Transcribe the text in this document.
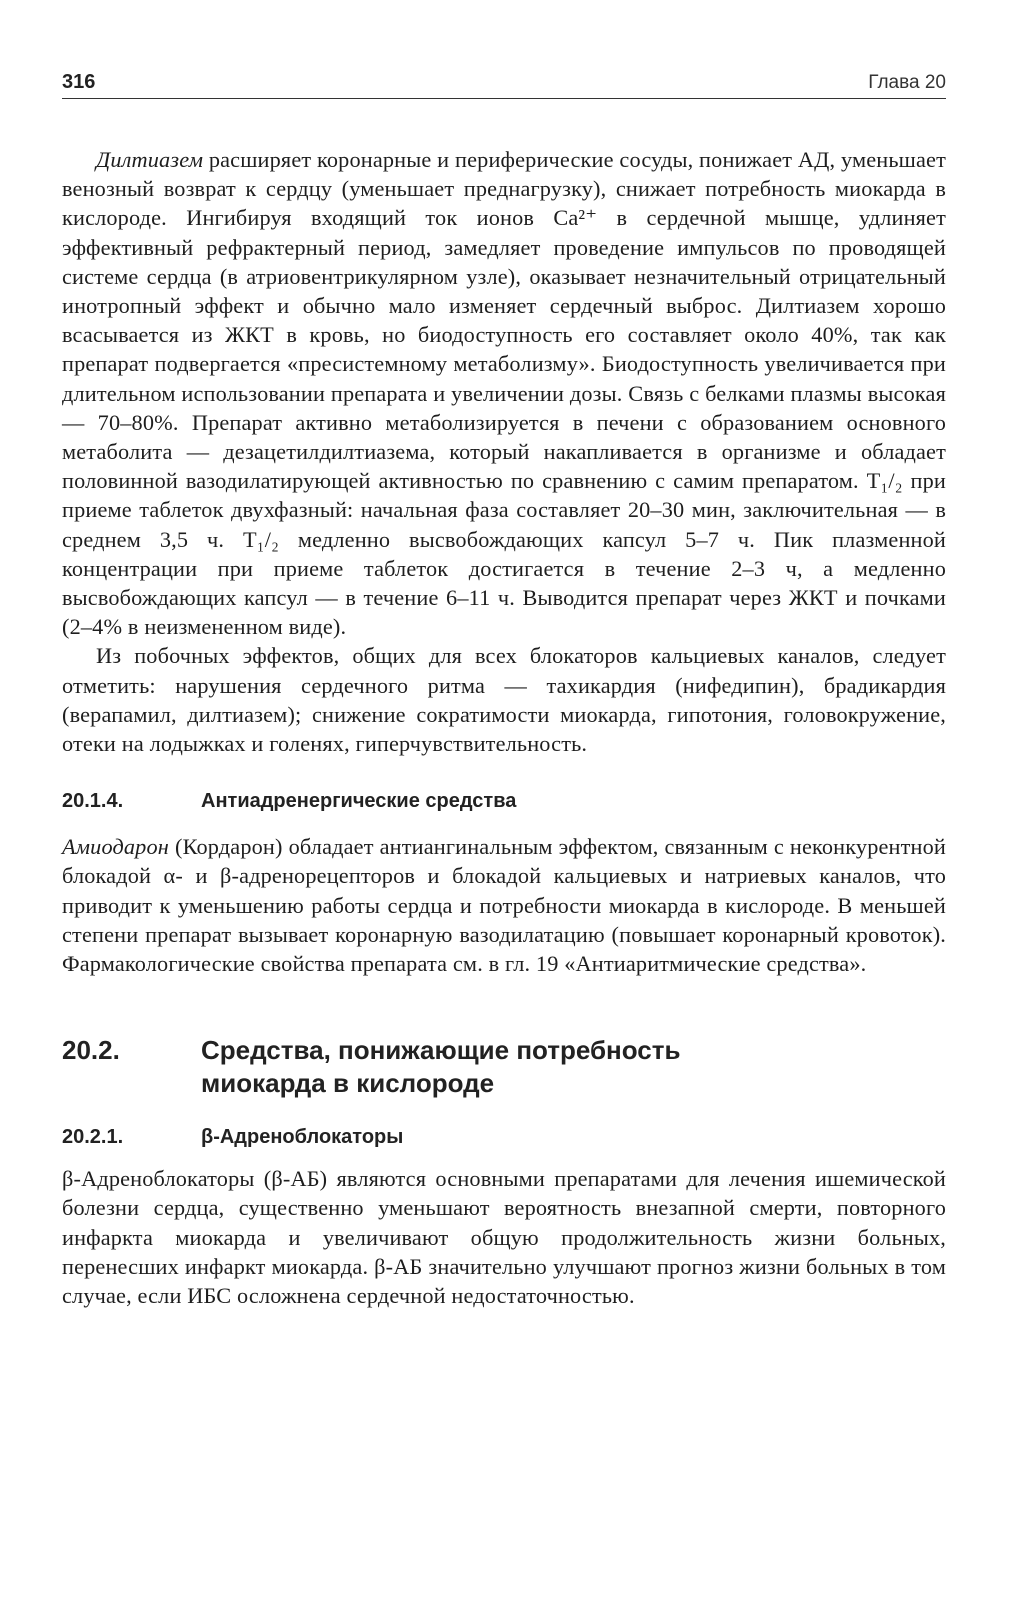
316	Глава 20

Дилтиазем расширяет коронарные и периферические сосуды, понижает АД, уменьшает венозный возврат к сердцу (уменьшает преднагрузку), снижает потребность миокарда в кислороде. Ингибируя входящий ток ионов Ca²⁺ в сердечной мышце, удлиняет эффективный рефрактерный период, замедляет проведение импульсов по проводящей системе сердца (в атриовентрикулярном узле), оказывает незначительный отрицательный инотропный эффект и обычно мало изменяет сердечный выброс. Дилтиазем хорошо всасывается из ЖКТ в кровь, но биодоступность его составляет около 40%, так как препарат подвергается «пресистемному метаболизму». Биодоступность увеличивается при длительном использовании препарата и увеличении дозы. Связь с белками плазмы высокая — 70–80%. Препарат активно метаболизируется в печени с образованием основного метаболита — дезацетилдилтиазема, который накапливается в организме и обладает половинной вазодилатирующей активностью по сравнению с самим препаратом. T₁/₂ при приеме таблеток двухфазный: начальная фаза составляет 20–30 мин, заключительная — в среднем 3,5 ч. T₁/₂ медленно высвобождающих капсул 5–7 ч. Пик плазменной концентрации при приеме таблеток достигается в течение 2–3 ч, а медленно высвобождающих капсул — в течение 6–11 ч. Выводится препарат через ЖКТ и почками (2–4% в неизмененном виде).

Из побочных эффектов, общих для всех блокаторов кальциевых каналов, следует отметить: нарушения сердечного ритма — тахикардия (нифедипин), брадикардия (верапамил, дилтиазем); снижение сократимости миокарда, гипотония, головокружение, отеки на лодыжках и голенях, гиперчувствительность.

20.1.4.	Антиадренергические средства

Амиодарон (Кордарон) обладает антиангинальным эффектом, связанным с неконкурентной блокадой α- и β-адренорецепторов и блокадой кальциевых и натриевых каналов, что приводит к уменьшению работы сердца и потребности миокарда в кислороде. В меньшей степени препарат вызывает коронарную вазодилатацию (повышает коронарный кровоток). Фармакологические свойства препарата см. в гл. 19 «Антиаритмические средства».

20.2.	Средства, понижающие потребность
миокарда в кислороде
20.2.1.	β-Адреноблокаторы

β-Адреноблокаторы (β-АБ) являются основными препаратами для лечения ишемической болезни сердца, существенно уменьшают вероятность внезапной смерти, повторного инфаркта миокарда и увеличивают общую продолжительность жизни больных, перенесших инфаркт миокарда. β-АБ значительно улучшают прогноз жизни больных в том случае, если ИБС осложнена сердечной недостаточностью.
